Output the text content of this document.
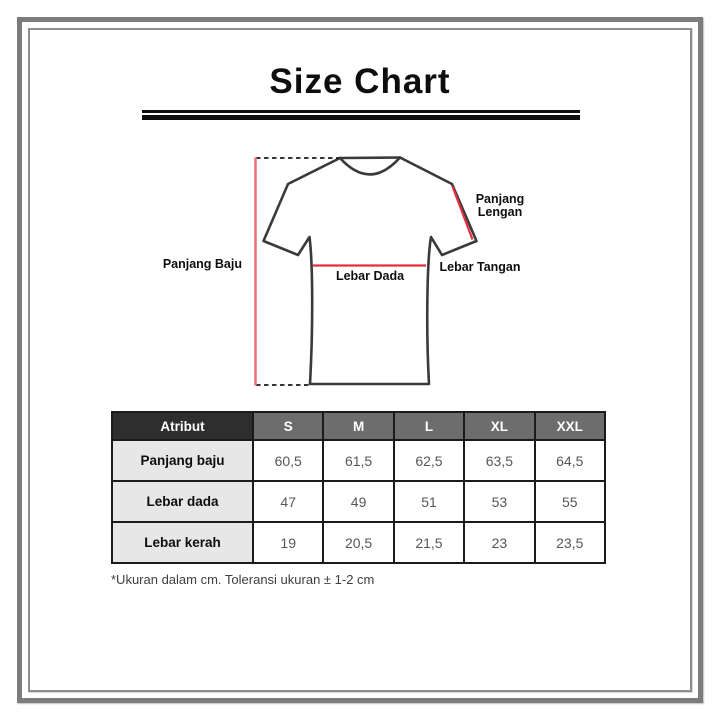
Size Chart
Panjang Baju
Lebar Dada
Panjang Lengan
Lebar Tangan
Atribut	S	M	L	XL	XXL
Panjang baju	60,5	61,5	62,5	63,5	64,5
Lebar dada	47	49	51	53	55
Lebar kerah	19	20,5	21,5	23	23,5
*Ukuran dalam cm. Toleransi ukuran ± 1-2 cm
